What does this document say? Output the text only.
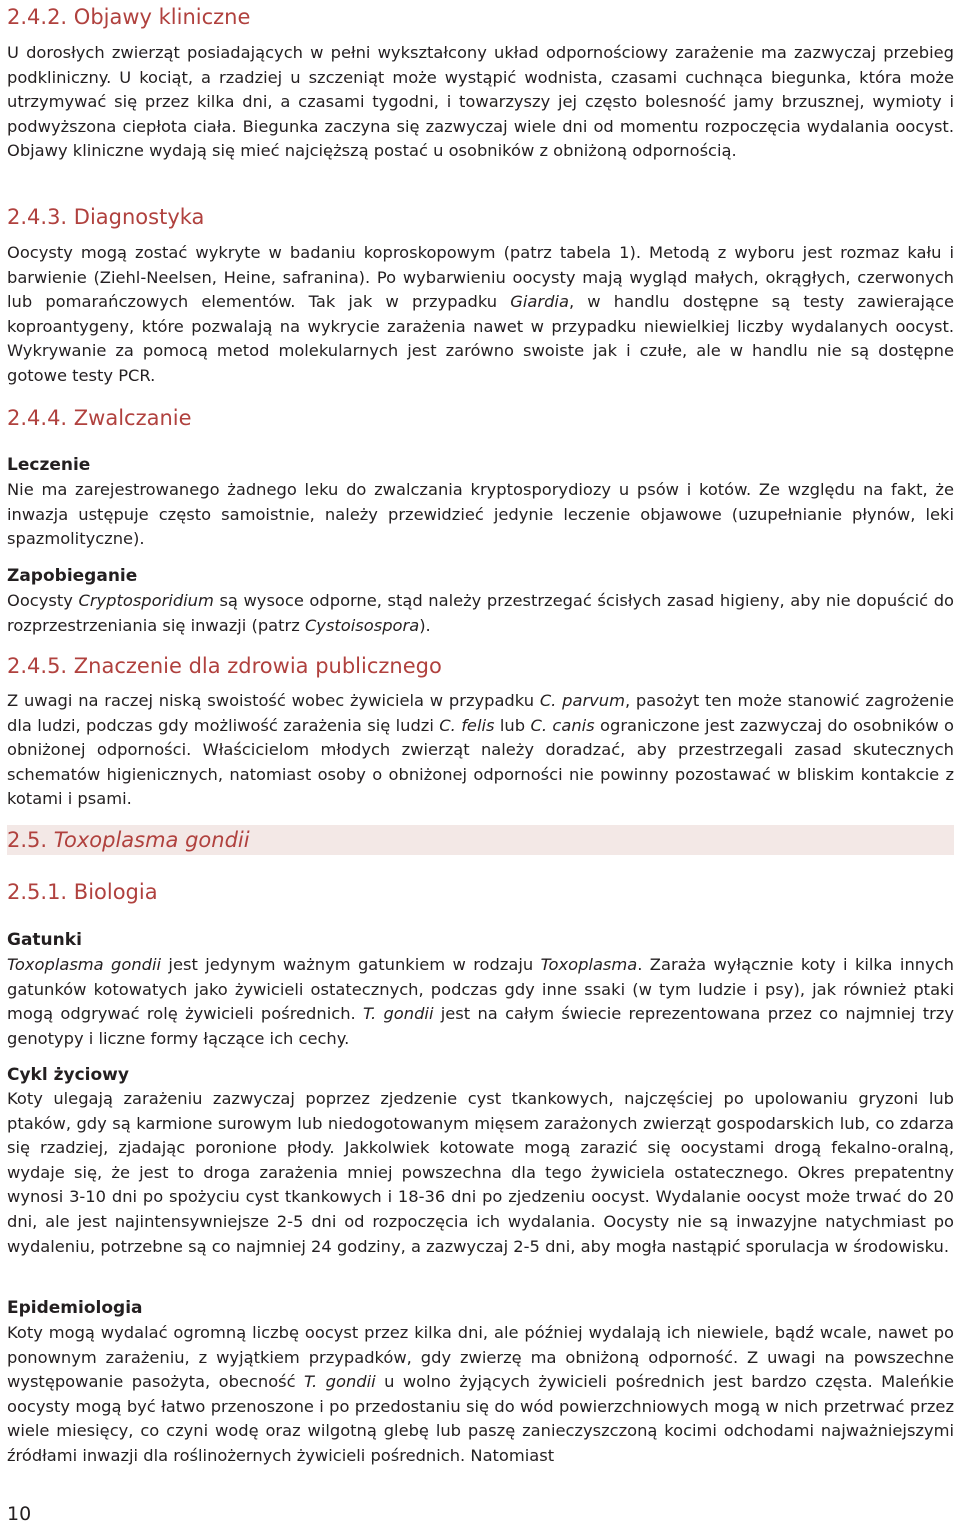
2.4.2. Objawy kliniczne

U dorosłych zwierząt posiadających w pełni wykształcony układ odpornościowy zarażenie ma zazwyczaj przebieg podkliniczny. U kociąt, a rzadziej u szczeniąt może wystąpić wodnista, czasami cuchnąca biegunka, która może utrzymywać się przez kilka dni, a czasami tygodni, i towarzyszy jej często bolesność jamy brzusznej, wymioty i podwyższona ciepłota ciała. Biegunka zaczyna się zazwyczaj wiele dni od momentu rozpoczęcia wydalania oocyst. Objawy kliniczne wydają się mieć najcięższą postać u osobników z obniżoną odpornością.

2.4.3. Diagnostyka

Oocysty mogą zostać wykryte w badaniu koproskopowym (patrz tabela 1). Metodą z wyboru jest rozmaz kału i barwienie (Ziehl-Neelsen, Heine, safranina). Po wybarwieniu oocysty mają wygląd małych, okrągłych, czerwonych lub pomarańczowych elementów. Tak jak w przypadku Giardia, w handlu dostępne są testy zawierające koproantygeny, które pozwalają na wykrycie zarażenia nawet w przypadku niewielkiej liczby wydalanych oocyst. Wykrywanie za pomocą metod molekularnych jest zarówno swoiste jak i czułe, ale w handlu nie są dostępne gotowe testy PCR.

2.4.4. Zwalczanie

Leczenie

Nie ma zarejestrowanego żadnego leku do zwalczania kryptosporydiozy u psów i kotów. Ze względu na fakt, że inwazja ustępuje często samoistnie, należy przewidzieć jedynie leczenie objawowe (uzupełnianie płynów, leki spazmolityczne).

Zapobieganie

Oocysty Cryptosporidium są wysoce odporne, stąd należy przestrzegać ścisłych zasad higieny, aby nie dopuścić do rozprzestrzeniania się inwazji (patrz Cystoisospora).

2.4.5. Znaczenie dla zdrowia publicznego

Z uwagi na raczej niską swoistość wobec żywiciela w przypadku C. parvum, pasożyt ten może stanowić zagrożenie dla ludzi, podczas gdy możliwość zarażenia się ludzi C. felis lub C. canis ograniczone jest zazwyczaj do osobników o obniżonej odporności. Właścicielom młodych zwierząt należy doradzać, aby przestrzegali zasad skutecznych schematów higienicznych, natomiast osoby o obniżonej odporności nie powinny pozostawać w bliskim kontakcie z kotami i psami.

2.5. Toxoplasma gondii
2.5.1. Biologia

Gatunki

Toxoplasma gondii jest jedynym ważnym gatunkiem w rodzaju Toxoplasma. Zaraża wyłącznie koty i kilka innych gatunków kotowatych jako żywicieli ostatecznych, podczas gdy inne ssaki (w tym ludzie i psy), jak również ptaki mogą odgrywać rolę żywicieli pośrednich. T. gondii jest na całym świecie reprezentowana przez co najmniej trzy genotypy i liczne formy łączące ich cechy.

Cykl życiowy

Koty ulegają zarażeniu zazwyczaj poprzez zjedzenie cyst tkankowych, najczęściej po upolowaniu gryzoni lub ptaków, gdy są karmione surowym lub niedogotowanym mięsem zarażonych zwierząt gospodarskich lub, co zdarza się rzadziej, zjadając poronione płody. Jakkolwiek kotowate mogą zarazić się oocystami drogą fekalno-oralną, wydaje się, że jest to droga zarażenia mniej powszechna dla tego żywiciela ostatecznego. Okres prepatentny wynosi 3-10 dni po spożyciu cyst tkankowych i 18-36 dni po zjedzeniu oocyst. Wydalanie oocyst może trwać do 20 dni, ale jest najintensywniejsze 2-5 dni od rozpoczęcia ich wydalania. Oocysty nie są inwazyjne natychmiast po wydaleniu, potrzebne są co najmniej 24 godziny, a zazwyczaj 2-5 dni, aby mogła nastąpić sporulacja w środowisku.

Epidemiologia

Koty mogą wydalać ogromną liczbę oocyst przez kilka dni, ale później wydalają ich niewiele, bądź wcale, nawet po ponownym zarażeniu, z wyjątkiem przypadków, gdy zwierzę ma obniżoną odporność. Z uwagi na powszechne występowanie pasożyta, obecność T. gondii u wolno żyjących żywicieli pośrednich jest bardzo częsta. Maleńkie oocysty mogą być łatwo przenoszone i po przedostaniu się do wód powierzchniowych mogą w nich przetrwać przez wiele miesięcy, co czyni wodę oraz wilgotną glebę lub paszę zanieczyszczoną kocimi odchodami najważniejszymi źródłami inwazji dla roślinożernych żywicieli pośrednich. Natomiast

10
